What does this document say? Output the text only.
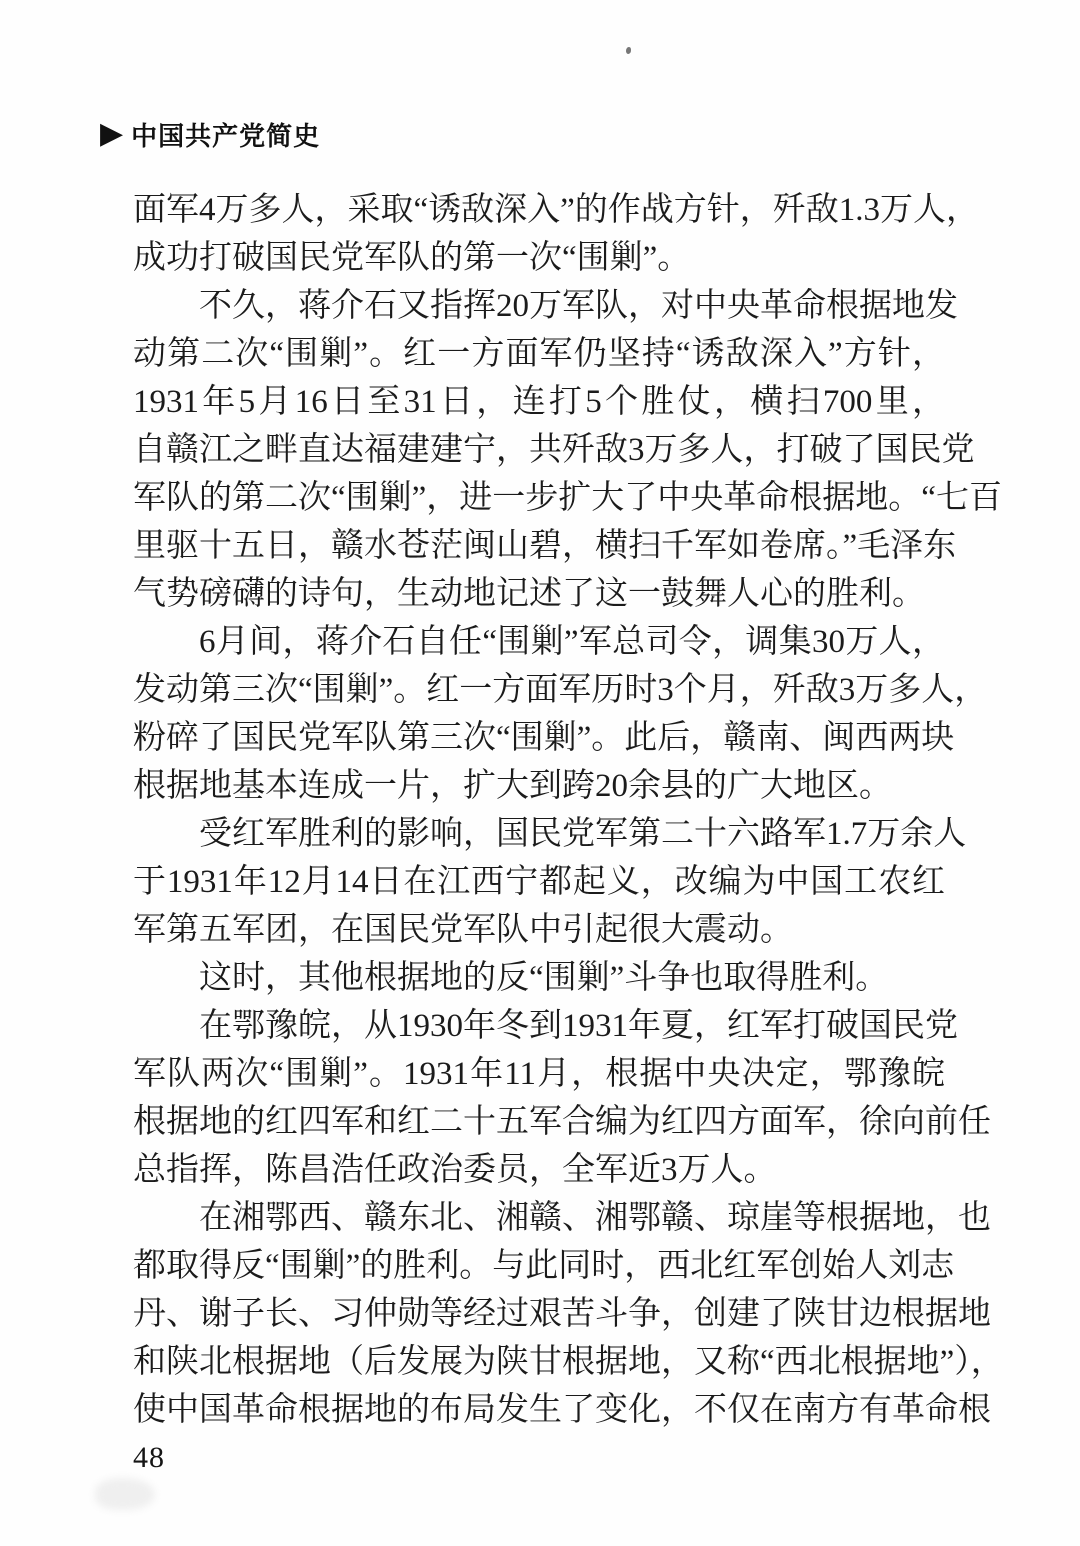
▶ 中国共产党简史
面军4万多人，采取“诱敌深入”的作战方针，歼敌1.3万人，
成功打破国民党军队的第一次“围剿”。
不久，蒋介石又指挥20万军队，对中央革命根据地发
动第二次“围剿”。红一方面军仍坚持“诱敌深入”方针，
1931年5月16日至31日，连打5个胜仗，横扫700里，
自赣江之畔直达福建建宁，共歼敌3万多人，打破了国民党
军队的第二次“围剿”，进一步扩大了中央革命根据地。“七百
里驱十五日，赣水苍茫闽山碧，横扫千军如卷席。”毛泽东
气势磅礴的诗句，生动地记述了这一鼓舞人心的胜利。
6月间，蒋介石自任“围剿”军总司令，调集30万人，
发动第三次“围剿”。红一方面军历时3个月，歼敌3万多人，
粉碎了国民党军队第三次“围剿”。此后，赣南、闽西两块
根据地基本连成一片，扩大到跨20余县的广大地区。
受红军胜利的影响，国民党军第二十六路军1.7万余人
于1931年12月14日在江西宁都起义，改编为中国工农红
军第五军团，在国民党军队中引起很大震动。
这时，其他根据地的反“围剿”斗争也取得胜利。
在鄂豫皖，从1930年冬到1931年夏，红军打破国民党
军队两次“围剿”。1931年11月，根据中央决定，鄂豫皖
根据地的红四军和红二十五军合编为红四方面军，徐向前任
总指挥，陈昌浩任政治委员，全军近3万人。
在湘鄂西、赣东北、湘赣、湘鄂赣、琼崖等根据地，也
都取得反“围剿”的胜利。与此同时，西北红军创始人刘志
丹、谢子长、习仲勋等经过艰苦斗争，创建了陕甘边根据地
和陕北根据地（后发展为陕甘根据地，又称“西北根据地”），
使中国革命根据地的布局发生了变化，不仅在南方有革命根
48
